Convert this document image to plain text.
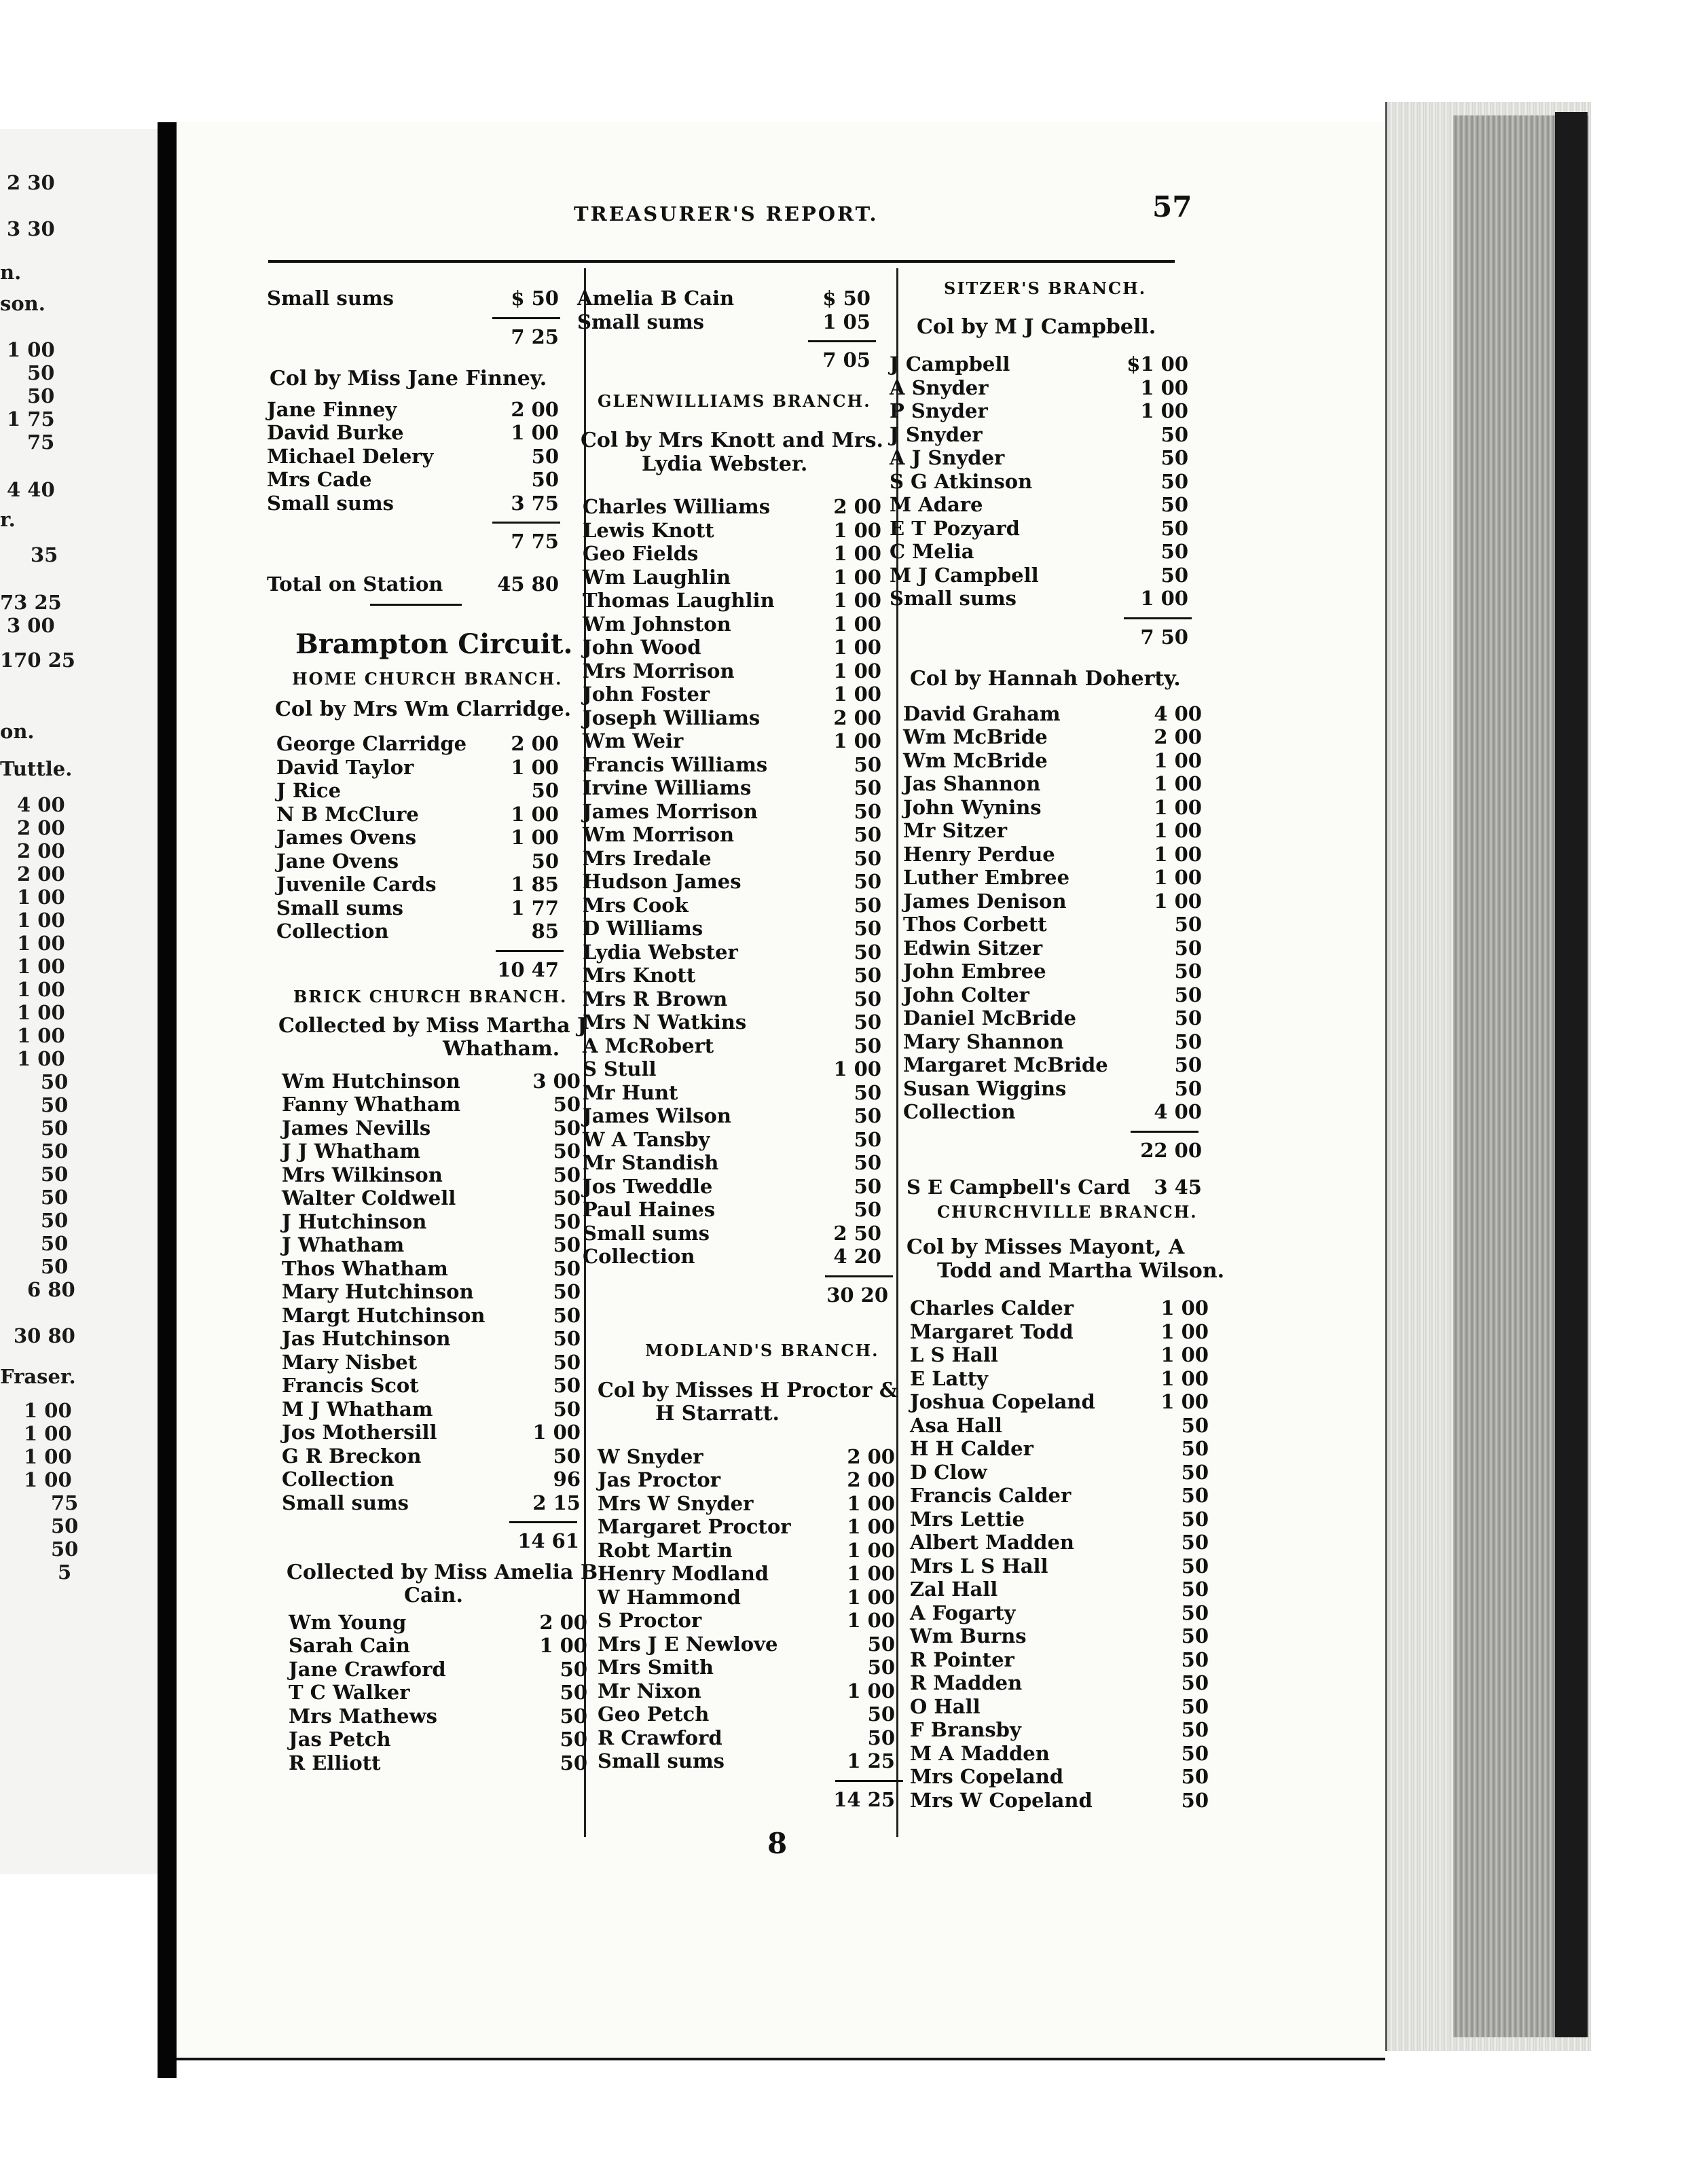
2 30
3 30
n.
son.
1 00
50
50
1 75
75
4 40
r.
35
73 25
3 00
170 25
on.
Tuttle.
4 00
2 00
2 00
2 00
1 00
1 00
1 00
1 00
1 00
1 00
1 00
1 00
50
50
50
50
50
50
50
50
50
6 80
30 80
Fraser.
1 00
1 00
1 00
1 00
75
50
50
5
TREASURER'S REPORT.	57
Small sums	$ 50
7 25
Col by Miss Jane Finney.
Jane Finney	2 00
David Burke	1 00
Michael Delery	50
Mrs Cade	50
Small sums	3 75
7 75
Total on Station	45 80
Brampton Circuit.
HOME CHURCH BRANCH.
Col by Mrs Wm Clarridge.
George Clarridge 2 00
David Taylor	1 00
J Rice	50
N B McClure	1 00
James Ovens	1 00
Jane Ovens	50
Juvenile Cards	1 85
Small sums	1 77
Collection	85
10 47
BRICK CHURCH BRANCH.
Collected by Miss Martha J
Whatham.
Wm Hutchinson	3 00
Fanny Whatham	50
James Nevills	50
J J Whatham	50
Mrs Wilkinson	50
Walter Coldwell	50
J Hutchinson	50
J Whatham	50
Thos Whatham	50
Mary Hutchinson	50
Margt Hutchinson	50
Jas Hutchinson	50
Mary Nisbet	50
Francis Scot	50
M J Whatham	50
Jos Mothersill	1 00
G R Breckon	50
Collection	96
Small sums	2 15
14 61
Collected by Miss Amelia B
Cain.
Wm Young	2 00
Sarah Cain	1 00
Jane Crawford	50
T C Walker	50
Mrs Mathews	50
Jas Petch	50
R Elliott	50
Amelia B Cain	$ 50
Small sums	1 05
7 05
GLENWILLIAMS BRANCH.
Col by Mrs Knott and Mrs.
Lydia Webster.
Charles Williams	2 00
Lewis Knott	1 00
Geo Fields	1 00
Wm Laughlin	1 00
Thomas Laughlin	1 00
Wm Johnston	1 00
John Wood	1 00
Mrs Morrison	1 00
John Foster	1 00
Joseph Williams	2 00
Wm Weir	1 00
Francis Williams	50
Irvine Williams	50
James Morrison	50
Wm Morrison	50
Mrs Iredale	50
Hudson James	50
Mrs Cook	50
D Williams	50
Lydia Webster	50
Mrs Knott	50
Mrs R Brown	50
Mrs N Watkins	50
A McRobert	50
S Stull	1 00
Mr Hunt	50
James Wilson	50
W A Tansby	50
Mr Standish	50
Jos Tweddle	50
Paul Haines	50
Small sums	2 50
Collection	4 20
30 20
MODLAND'S BRANCH.
Col by Misses H Proctor &
H Starratt.
W Snyder	2 00
Jas Proctor	2 00
Mrs W Snyder	1 00
Margaret Proctor	1 00
Robt Martin	1 00
Henry Modland	1 00
W Hammond	1 00
S Proctor	1 00
Mrs J E Newlove	50
Mrs Smith	50
Mr Nixon	1 00
Geo Petch	50
R Crawford	50
Small sums	1 25
14 25
SITZER'S BRANCH.
Col by M J Campbell.
J Campbell	$1 00
A Snyder	1 00
P Snyder	1 00
J Snyder	50
A J Snyder	50
S G Atkinson	50
M Adare	50
E T Pozyard	50
C Melia	50
M J Campbell	50
Small sums	1 00
7 50
Col by Hannah Doherty.
David Graham	4 00
Wm McBride	2 00
Wm McBride	1 00
Jas Shannon	1 00
John Wynins	1 00
Mr Sitzer	1 00
Henry Perdue	1 00
Luther Embree	1 00
James Denison	1 00
Thos Corbett	50
Edwin Sitzer	50
John Embree	50
John Colter	50
Daniel McBride	50
Mary Shannon	50
Margaret McBride	50
Susan Wiggins	50
Collection	4 00
22 00
S E Campbell's Card	3 45
CHURCHVILLE BRANCH.
Col by Misses Mayont, A
Todd and Martha Wilson.
Charles Calder	1 00
Margaret Todd	1 00
L S Hall	1 00
E Latty	1 00
Joshua Copeland	1 00
Asa Hall	50
H H Calder	50
D Clow	50
Francis Calder	50
Mrs Lettie	50
Albert Madden	50
Mrs L S Hall	50
Zal Hall	50
A Fogarty	50
Wm Burns	50
R Pointer	50
R Madden	50
O Hall	50
F Bransby	50
M A Madden	50
Mrs Copeland	50
Mrs W Copeland	50
8
